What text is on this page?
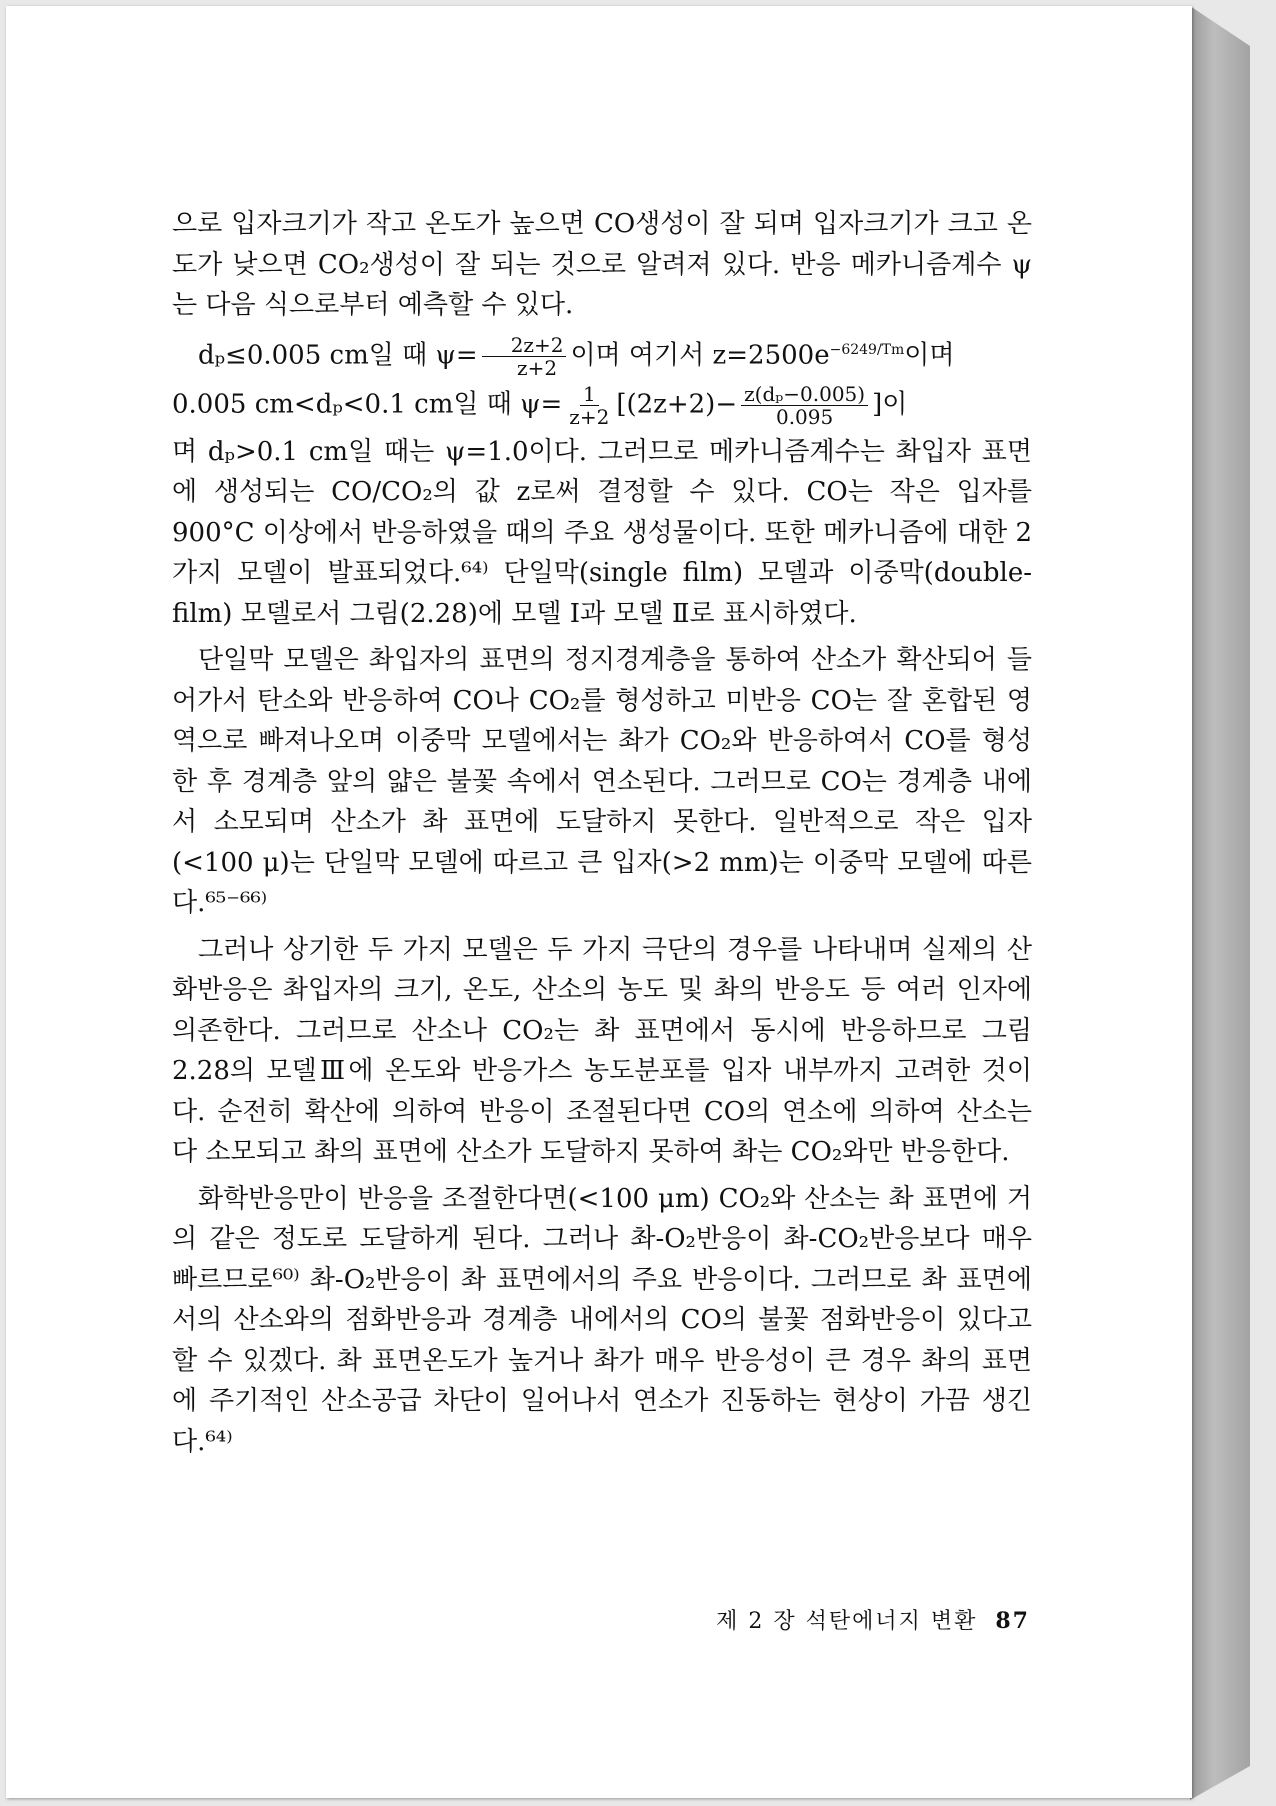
으로 입자크기가 작고 온도가 높으면 CO생성이 잘 되며 입자크기가 크고 온도가 낮으면 CO₂생성이 잘 되는 것으로 알려져 있다. 반응 메카니즘계수 ψ는 다음 식으로부터 예측할 수 있다.
dₚ≤0.005 cm일 때 $\psi= \frac{2z+2}{z+2}$ 이며 여기서 $z=2500e^{-6249/Tm}$이며
0.005 cm<dₚ<0.1 cm일 때 $\psi= \frac{1}{z+2} [(2z+2)- \frac{\text{z(dₚ−0.005)}}{0.095}$ ]이
며 dₚ>0.1 cm일 때는 ψ=1.0이다. 그러므로 메카니즘계수는 촤입자 표면에 생성되는 CO/CO₂의 값 z로써 결정할 수 있다. CO는 작은 입자를 900°C 이상에서 반응하였을 때의 주요 생성물이다. 또한 메카니즘에 대한 2가지 모델이 발표되었다.⁶⁴⁾ 단일막(single film) 모델과 이중막(double-film) 모델로서 그림(2.28)에 모델 Ⅰ과 모델 Ⅱ로 표시하였다.
단일막 모델은 촤입자의 표면의 정지경계층을 통하여 산소가 확산되어 들어가서 탄소와 반응하여 CO나 CO₂를 형성하고 미반응 CO는 잘 혼합된 영역으로 빠져나오며 이중막 모델에서는 촤가 CO₂와 반응하여서 CO를 형성한 후 경계층 앞의 얇은 불꽃 속에서 연소된다. 그러므로 CO는 경계층 내에서 소모되며 산소가 촤 표면에 도달하지 못한다. 일반적으로 작은 입자(<100 μ)는 단일막 모델에 따르고 큰 입자(>2 mm)는 이중막 모델에 따른다.⁶⁵⁻⁶⁶⁾
그러나 상기한 두 가지 모델은 두 가지 극단의 경우를 나타내며 실제의 산화반응은 촤입자의 크기, 온도, 산소의 농도 및 촤의 반응도 등 여러 인자에 의존한다. 그러므로 산소나 CO₂는 촤 표면에서 동시에 반응하므로 그림 2.28의 모델Ⅲ에 온도와 반응가스 농도분포를 입자 내부까지 고려한 것이다. 순전히 확산에 의하여 반응이 조절된다면 CO의 연소에 의하여 산소는 다 소모되고 촤의 표면에 산소가 도달하지 못하여 촤는 CO₂와만 반응한다.
화학반응만이 반응을 조절한다면(<100 μm) CO₂와 산소는 촤 표면에 거의 같은 정도로 도달하게 된다. 그러나 촤-O₂반응이 촤-CO₂반응보다 매우 빠르므로⁶⁰⁾ 촤-O₂반응이 촤 표면에서의 주요 반응이다. 그러므로 촤 표면에서의 산소와의 점화반응과 경계층 내에서의 CO의 불꽃 점화반응이 있다고 할 수 있겠다. 촤 표면온도가 높거나 촤가 매우 반응성이 큰 경우 촤의 표면에 주기적인 산소공급 차단이 일어나서 연소가 진동하는 현상이 가끔 생긴다.⁶⁴⁾
제 2 장 석탄에너지 변환 87
